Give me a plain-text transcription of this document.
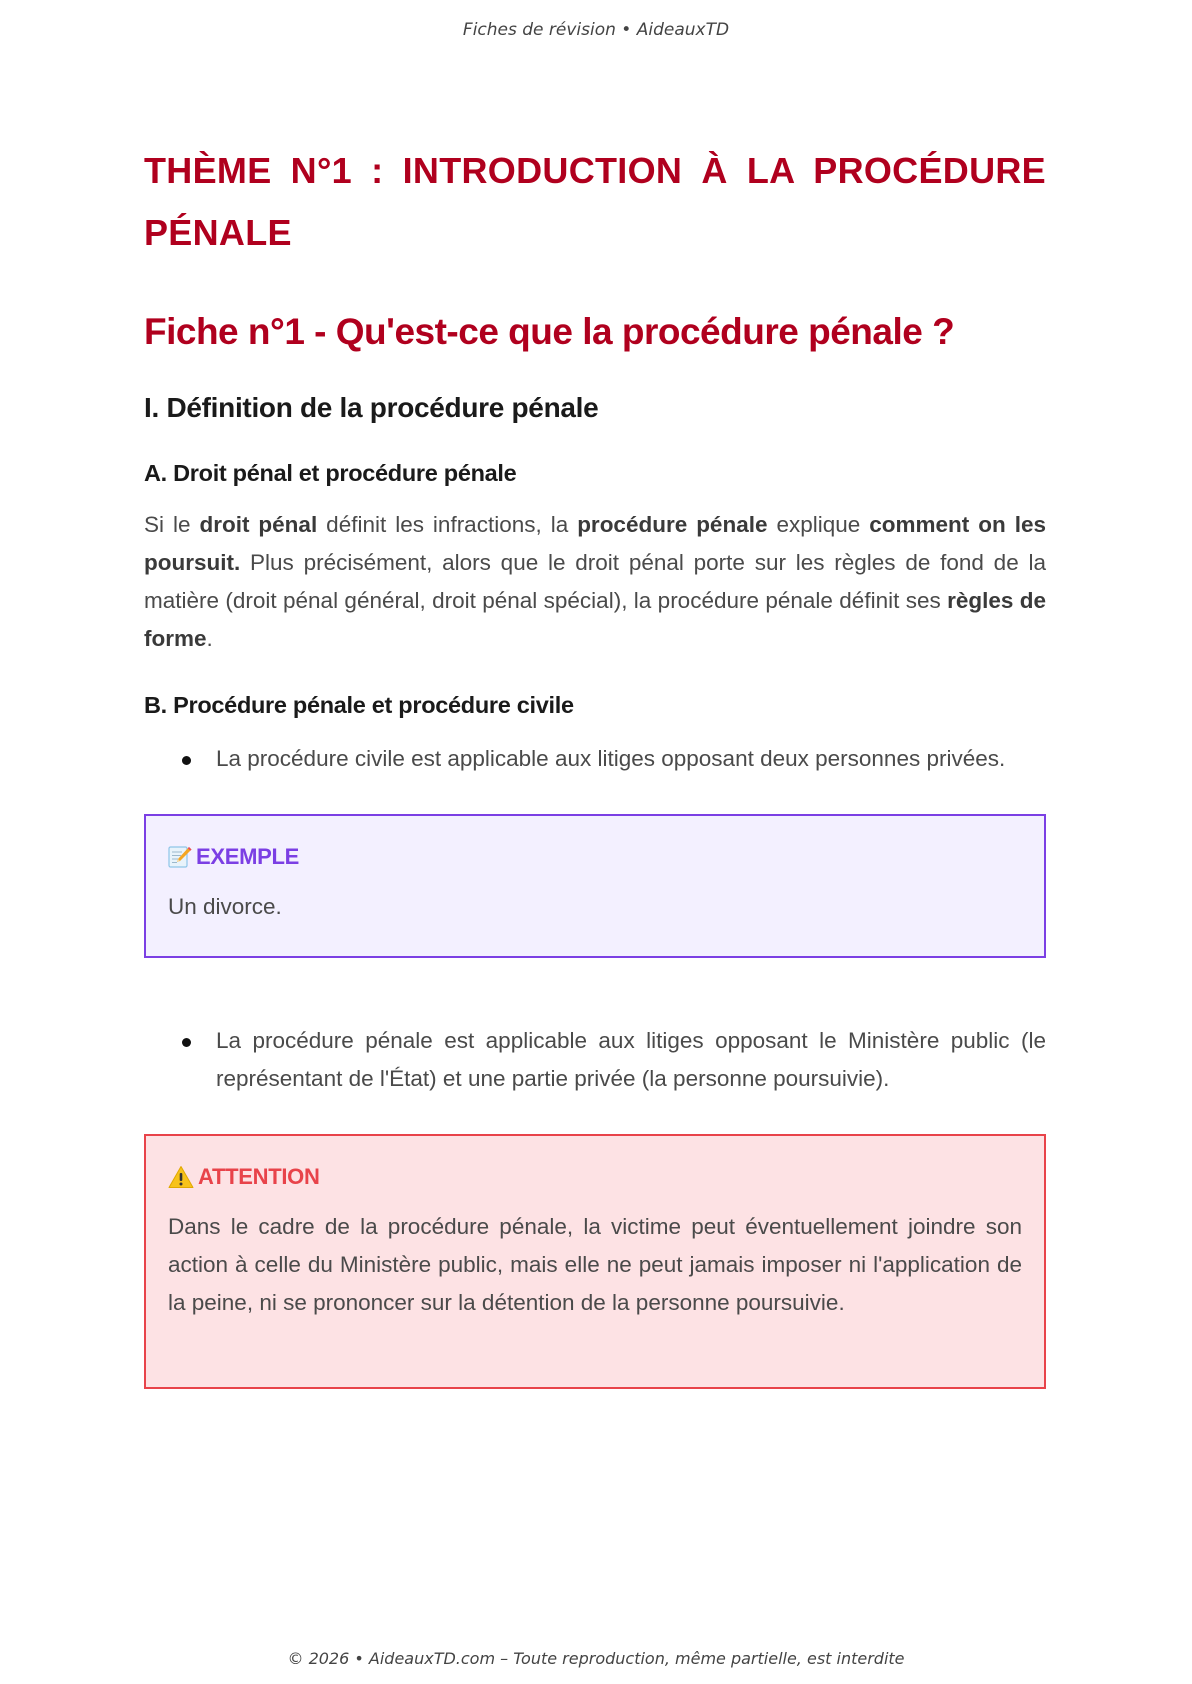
Fiches de révision • AideauxTD
THÈME N°1 : INTRODUCTION À LA PROCÉDURE PÉNALE
Fiche n°1 - Qu'est-ce que la procédure pénale ?
I. Définition de la procédure pénale
A. Droit pénal et procédure pénale

Si le droit pénal définit les infractions, la procédure pénale explique comment on les poursuit. Plus précisément, alors que le droit pénal porte sur les règles de fond de la matière (droit pénal général, droit pénal spécial), la procédure pénale définit ses règles de forme.

B. Procédure pénale et procédure civile
La procédure civile est applicable aux litiges opposant deux personnes privées.
EXEMPLE
Un divorce.
La procédure pénale est applicable aux litiges opposant le Ministère public (le représentant de l'État) et une partie privée (la personne poursuivie).
ATTENTION
Dans le cadre de la procédure pénale, la victime peut éventuellement joindre son action à celle du Ministère public, mais elle ne peut jamais imposer ni l'application de la peine, ni se prononcer sur la détention de la personne poursuivie.
© 2026 • AideauxTD.com – Toute reproduction, même partielle, est interdite
